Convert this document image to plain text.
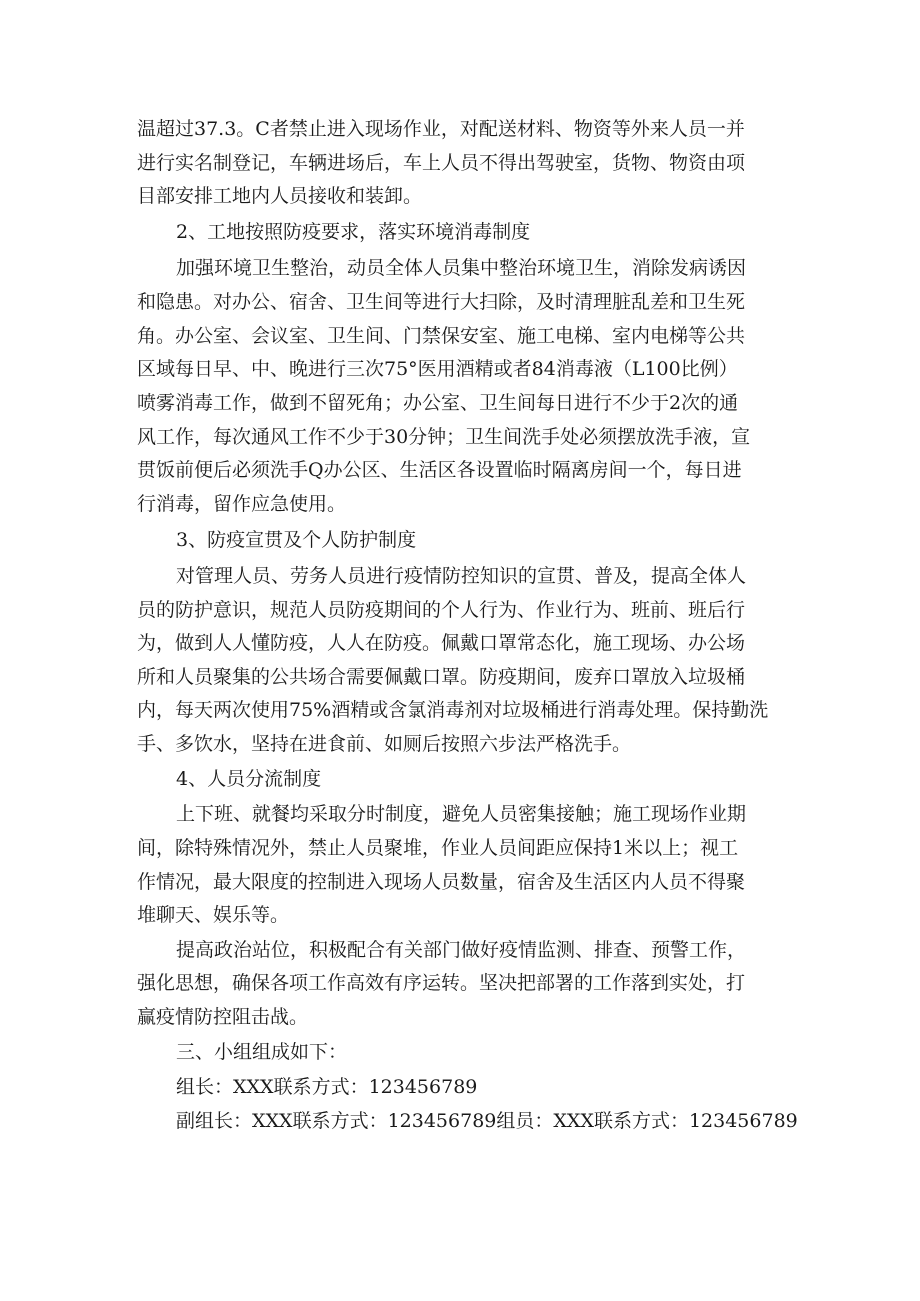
温超过37.3。C者禁止进入现场作业，对配送材料、物资等外来人员一并
进行实名制登记，车辆进场后，车上人员不得出驾驶室，货物、物资由项
目部安排工地内人员接收和装卸。
2、工地按照防疫要求，落实环境消毒制度
加强环境卫生整治，动员全体人员集中整治环境卫生，消除发病诱因
和隐患。对办公、宿舍、卫生间等进行大扫除，及时清理脏乱差和卫生死
角。办公室、会议室、卫生间、门禁保安室、施工电梯、室内电梯等公共
区域每日早、中、晚进行三次75°医用酒精或者84消毒液（L100比例）
喷雾消毒工作，做到不留死角；办公室、卫生间每日进行不少于2次的通
风工作，每次通风工作不少于30分钟；卫生间洗手处必须摆放洗手液，宣
贯饭前便后必须洗手Q办公区、生活区各设置临时隔离房间一个，每日进
行消毒，留作应急使用。
3、防疫宣贯及个人防护制度
对管理人员、劳务人员进行疫情防控知识的宣贯、普及，提高全体人
员的防护意识，规范人员防疫期间的个人行为、作业行为、班前、班后行
为，做到人人懂防疫，人人在防疫。佩戴口罩常态化，施工现场、办公场
所和人员聚集的公共场合需要佩戴口罩。防疫期间，废弃口罩放入垃圾桶
内，每天两次使用75%酒精或含氯消毒剂对垃圾桶进行消毒处理。保持勤洗
手、多饮水，坚持在进食前、如厕后按照六步法严格洗手。
4、人员分流制度
上下班、就餐均采取分时制度，避免人员密集接触；施工现场作业期
间，除特殊情况外，禁止人员聚堆，作业人员间距应保持1米以上；视工
作情况，最大限度的控制进入现场人员数量，宿舍及生活区内人员不得聚
堆聊天、娱乐等。
提高政治站位，积极配合有关部门做好疫情监测、排查、预警工作，
强化思想，确保各项工作高效有序运转。坚决把部署的工作落到实处，打
赢疫情防控阻击战。
三、小组组成如下：
组长：XXX联系方式：123456789
副组长：XXX联系方式：123456789组员：XXX联系方式：123456789
